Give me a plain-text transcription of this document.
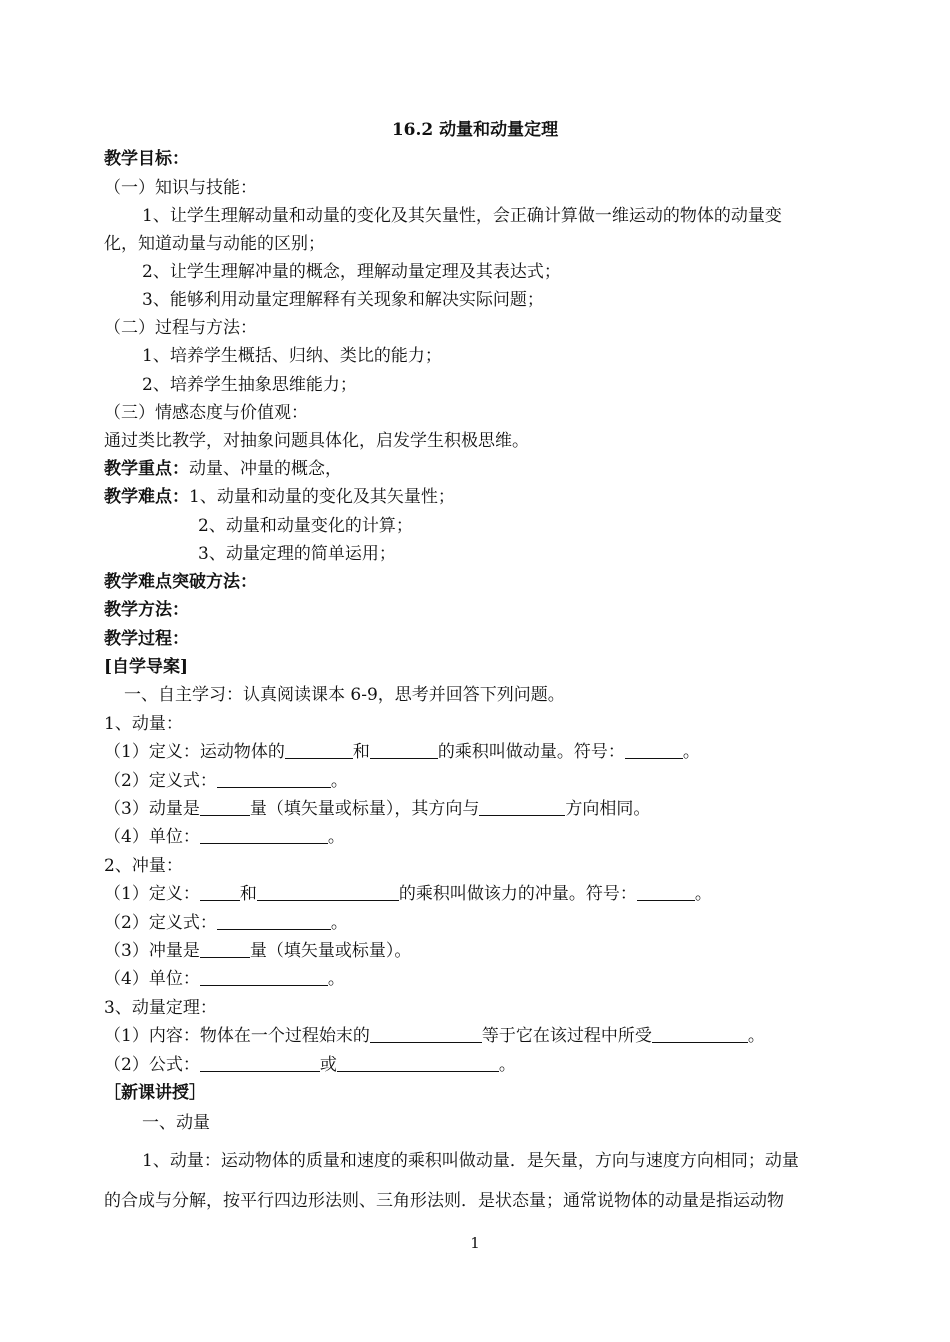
16.2 动量和动量定理
教学目标：
（一）知识与技能：
1、让学生理解动量和动量的变化及其矢量性，会正确计算做一维运动的物体的动量变
化，知道动量与动能的区别；
2、让学生理解冲量的概念，理解动量定理及其表达式；
3、能够利用动量定理解释有关现象和解决实际问题；
（二）过程与方法：
1、培养学生概括、归纳、类比的能力；
2、培养学生抽象思维能力；
（三）情感态度与价值观：
通过类比教学，对抽象问题具体化，启发学生积极思维。
教学重点：动量、冲量的概念，
教学难点：1、动量和动量的变化及其矢量性；
2、动量和动量变化的计算；
3、动量定理的简单运用；
教学难点突破方法：
教学方法：
教学过程：
[自学导案]
一、自主学习：认真阅读课本 6-9，思考并回答下列问题。
1、动量：
（1）定义：运动物体的	和	的乘积叫做动量。符号：	。
（2）定义式：	。
（3）动量是	量（填矢量或标量），其方向与	方向相同。
（4）单位：	。
2、冲量：
（1）定义： 和	的乘积叫做该力的冲量。符号：	。
（2）定义式：	。
（3）冲量是	量（填矢量或标量）。
（4）单位：	。
3、动量定理：
（1）内容：物体在一个过程始末的	等于它在该过程中所受	。
（2）公式：	或	。
［新课讲授］
一、动量
1、动量：运动物体的质量和速度的乘积叫做动量．是矢量，方向与速度方向相同；动量
的合成与分解，按平行四边形法则、三角形法则．是状态量；通常说物体的动量是指运动物
1
